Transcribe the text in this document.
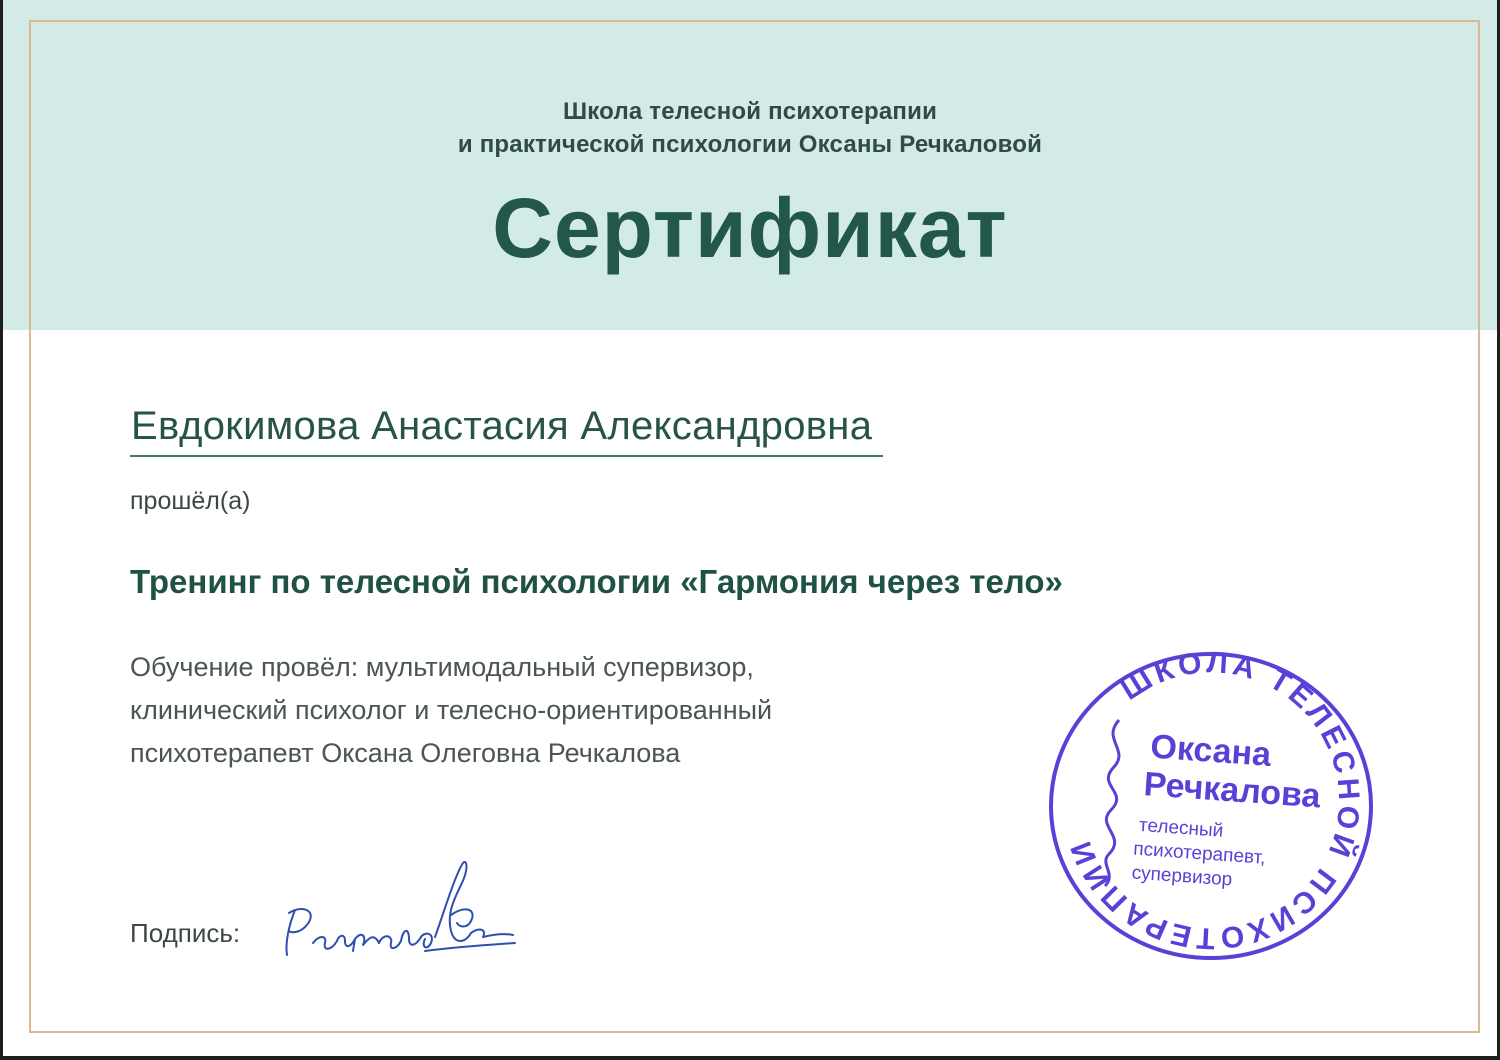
Школа телесной психотерапии
и практической психологии Оксаны Речкаловой
Сертификат
Евдокимова Анастасия Александровна
прошёл(а)
Тренинг по телесной психологии «Гармония через тело»
Обучение провёл: мультимодальный супервизор,
клинический психолог и телесно-ориентированный
психотерапевт Оксана Олеговна Речкалова
Подпись:
ШКОЛА ТЕЛЕСНОЙ ПСИХОТЕРАПИИ
Оксана
Речкалова
телесный
психотерапевт,
супервизор
